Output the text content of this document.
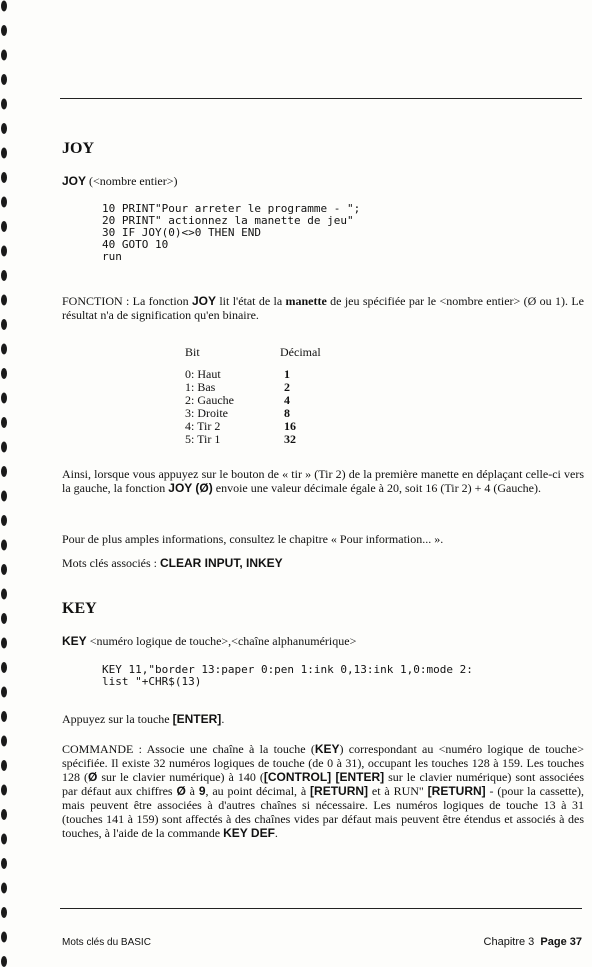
JOY
JOY (<nombre entier>)
10 PRINT"Pour arreter le programme - ";
20 PRINT" actionnez la manette de jeu"
30 IF JOY(0)<>0 THEN END
40 GOTO 10
run

FONCTION : La fonction JOY lit l'état de la manette de jeu spécifiée par le <nombre entier> (Ø ou 1). Le résultat n'a de signification qu'en binaire.

Bit	Décimal
0: Haut	1
1: Bas	2
2: Gauche	4
3: Droite	8
4: Tir 2	16
5: Tir 1	32

Ainsi, lorsque vous appuyez sur le bouton de « tir » (Tir 2) de la première manette en déplaçant celle-ci vers la gauche, la fonction JOY (Ø) envoie une valeur décimale égale à 20, soit 16 (Tir 2) + 4 (Gauche).

Pour de plus amples informations, consultez le chapitre « Pour information... ».

Mots clés associés : CLEAR INPUT, INKEY

KEY
KEY <numéro logique de touche>,<chaîne alphanumérique>
KEY 11,"border 13:paper 0:pen 1:ink 0,13:ink 1,0:mode 2:
list "+CHR$(13)

Appuyez sur la touche [ENTER].

COMMANDE : Associe une chaîne à la touche (KEY) correspondant au <numéro logique de touche> spécifiée. Il existe 32 numéros logiques de touche (de 0 à 31), occupant les touches 128 à 159. Les touches 128 (Ø sur le clavier numérique) à 140 ([CONTROL] [ENTER] sur le clavier numérique) sont associées par défaut aux chiffres Ø à 9, au point décimal, à [RETURN] et à RUN" [RETURN] - (pour la cassette), mais peuvent être associées à d'autres chaînes si nécessaire. Les numéros logiques de touche 13 à 31 (touches 141 à 159) sont affectés à des chaînes vides par défaut mais peuvent être étendus et associés à des touches, à l'aide de la commande KEY DEF.

Mots clés du BASIC	Chapitre 3 Page 37
